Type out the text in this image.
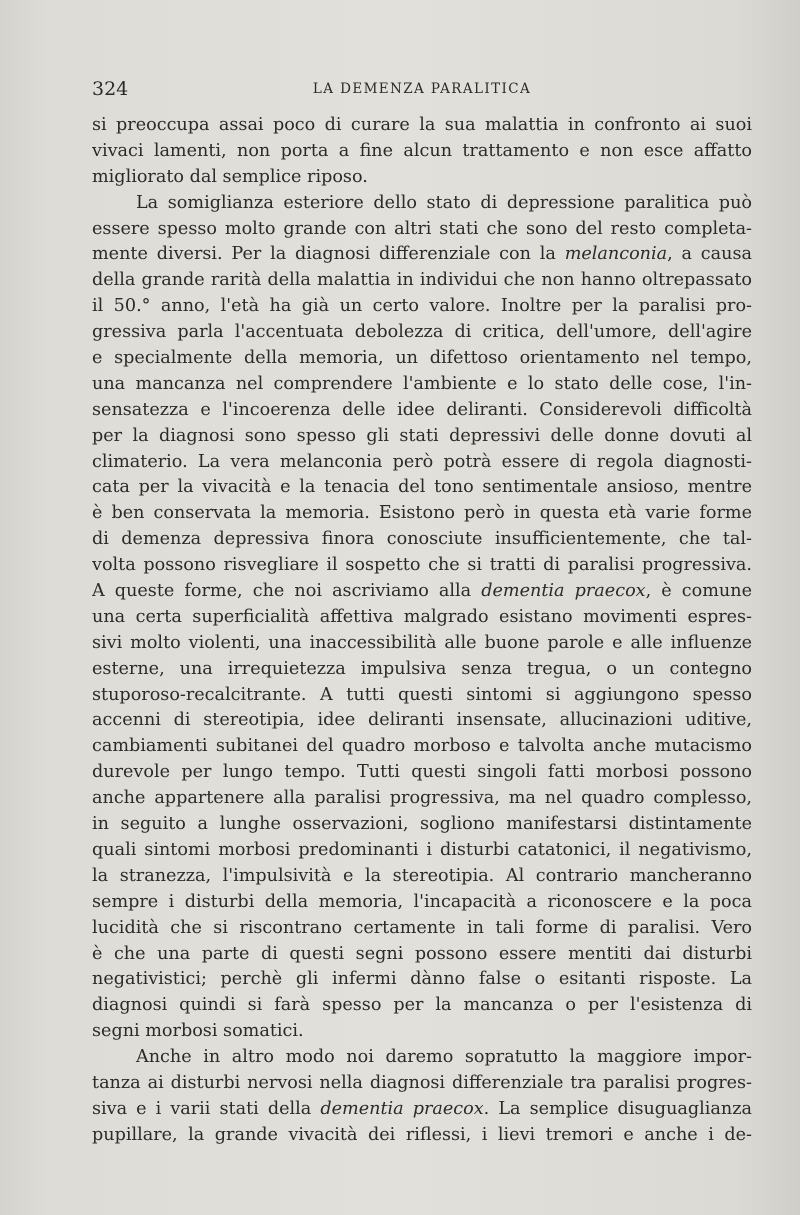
324	LA DEMENZA PARALITICA
si preoccupa assai poco di curare la sua malattia in confronto ai suoi
vivaci lamenti, non porta a fine alcun trattamento e non esce affatto
migliorato dal semplice riposo.
La somiglianza esteriore dello stato di depressione paralitica può
essere spesso molto grande con altri stati che sono del resto completa-
mente diversi. Per la diagnosi differenziale con la melanconia, a causa
della grande rarità della malattia in individui che non hanno oltrepassato
il 50.° anno, l'età ha già un certo valore. Inoltre per la paralisi pro-
gressiva parla l'accentuata debolezza di critica, dell'umore, dell'agire
e specialmente della memoria, un difettoso orientamento nel tempo,
una mancanza nel comprendere l'ambiente e lo stato delle cose, l'in-
sensatezza e l'incoerenza delle idee deliranti. Considerevoli difficoltà
per la diagnosi sono spesso gli stati depressivi delle donne dovuti al
climaterio. La vera melanconia però potrà essere di regola diagnosti-
cata per la vivacità e la tenacia del tono sentimentale ansioso, mentre
è ben conservata la memoria. Esistono però in questa età varie forme
di demenza depressiva finora conosciute insufficientemente, che tal-
volta possono risvegliare il sospetto che si tratti di paralisi progressiva.
A queste forme, che noi ascriviamo alla dementia praecox, è comune
una certa superficialità affettiva malgrado esistano movimenti espres-
sivi molto violenti, una inaccessibilità alle buone parole e alle influenze
esterne, una irrequietezza impulsiva senza tregua, o un contegno
stuporoso-recalcitrante. A tutti questi sintomi si aggiungono spesso
accenni di stereotipia, idee deliranti insensate, allucinazioni uditive,
cambiamenti subitanei del quadro morboso e talvolta anche mutacismo
durevole per lungo tempo. Tutti questi singoli fatti morbosi possono
anche appartenere alla paralisi progressiva, ma nel quadro complesso,
in seguito a lunghe osservazioni, sogliono manifestarsi distintamente
quali sintomi morbosi predominanti i disturbi catatonici, il negativismo,
la stranezza, l'impulsività e la stereotipia. Al contrario mancheranno
sempre i disturbi della memoria, l'incapacità a riconoscere e la poca
lucidità che si riscontrano certamente in tali forme di paralisi. Vero
è che una parte di questi segni possono essere mentiti dai disturbi
negativistici; perchè gli infermi dànno false o esitanti risposte. La
diagnosi quindi si farà spesso per la mancanza o per l'esistenza di
segni morbosi somatici.
Anche in altro modo noi daremo sopratutto la maggiore impor-
tanza ai disturbi nervosi nella diagnosi differenziale tra paralisi progres-
siva e i varii stati della dementia praecox. La semplice disuguaglianza
pupillare, la grande vivacità dei riflessi, i lievi tremori e anche i de-
